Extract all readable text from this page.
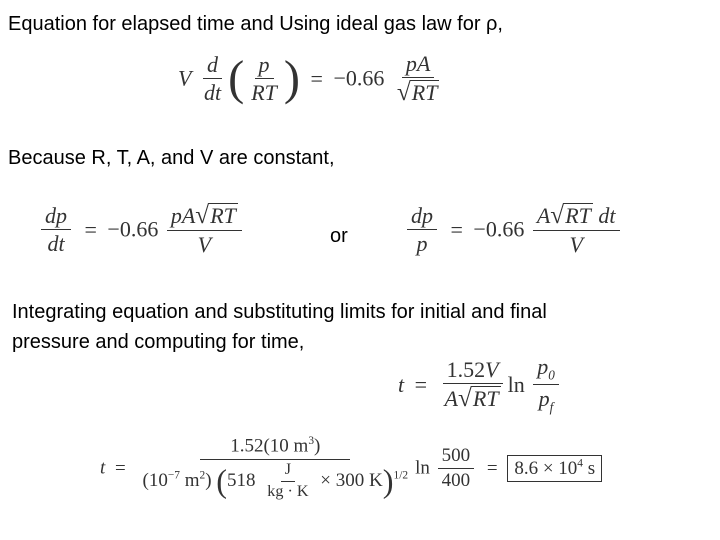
Equation for elapsed time and Using ideal gas law for ρ,
Because R, T, A, and V are constant,
or
Integrating equation and substituting limits for initial and final
pressure and computing for time,
V $\frac{d}{dt}$ ( $\frac{p}{RT}$ ) = $-0.66 \frac{pA}{√ RT}$
$\frac{dp}{dt} = -0.66 \frac{pA √ RT}{V}$	$\frac{dp}{p} = -0.66 \frac{\text{A √ RT dt}}{V}$
$t = \frac{1.52V}{A √ RT}$ $\ln \frac{p_0}{p_f}$
t =
1.52(10 $m^3$)
($10^{-7}$ $m^2$) ($518 \frac{J}{kg \cdot K} \times 300$ K)$^{1/2}$ $\ln \frac{500}{400} = 8.6 \times 10^4$ s
